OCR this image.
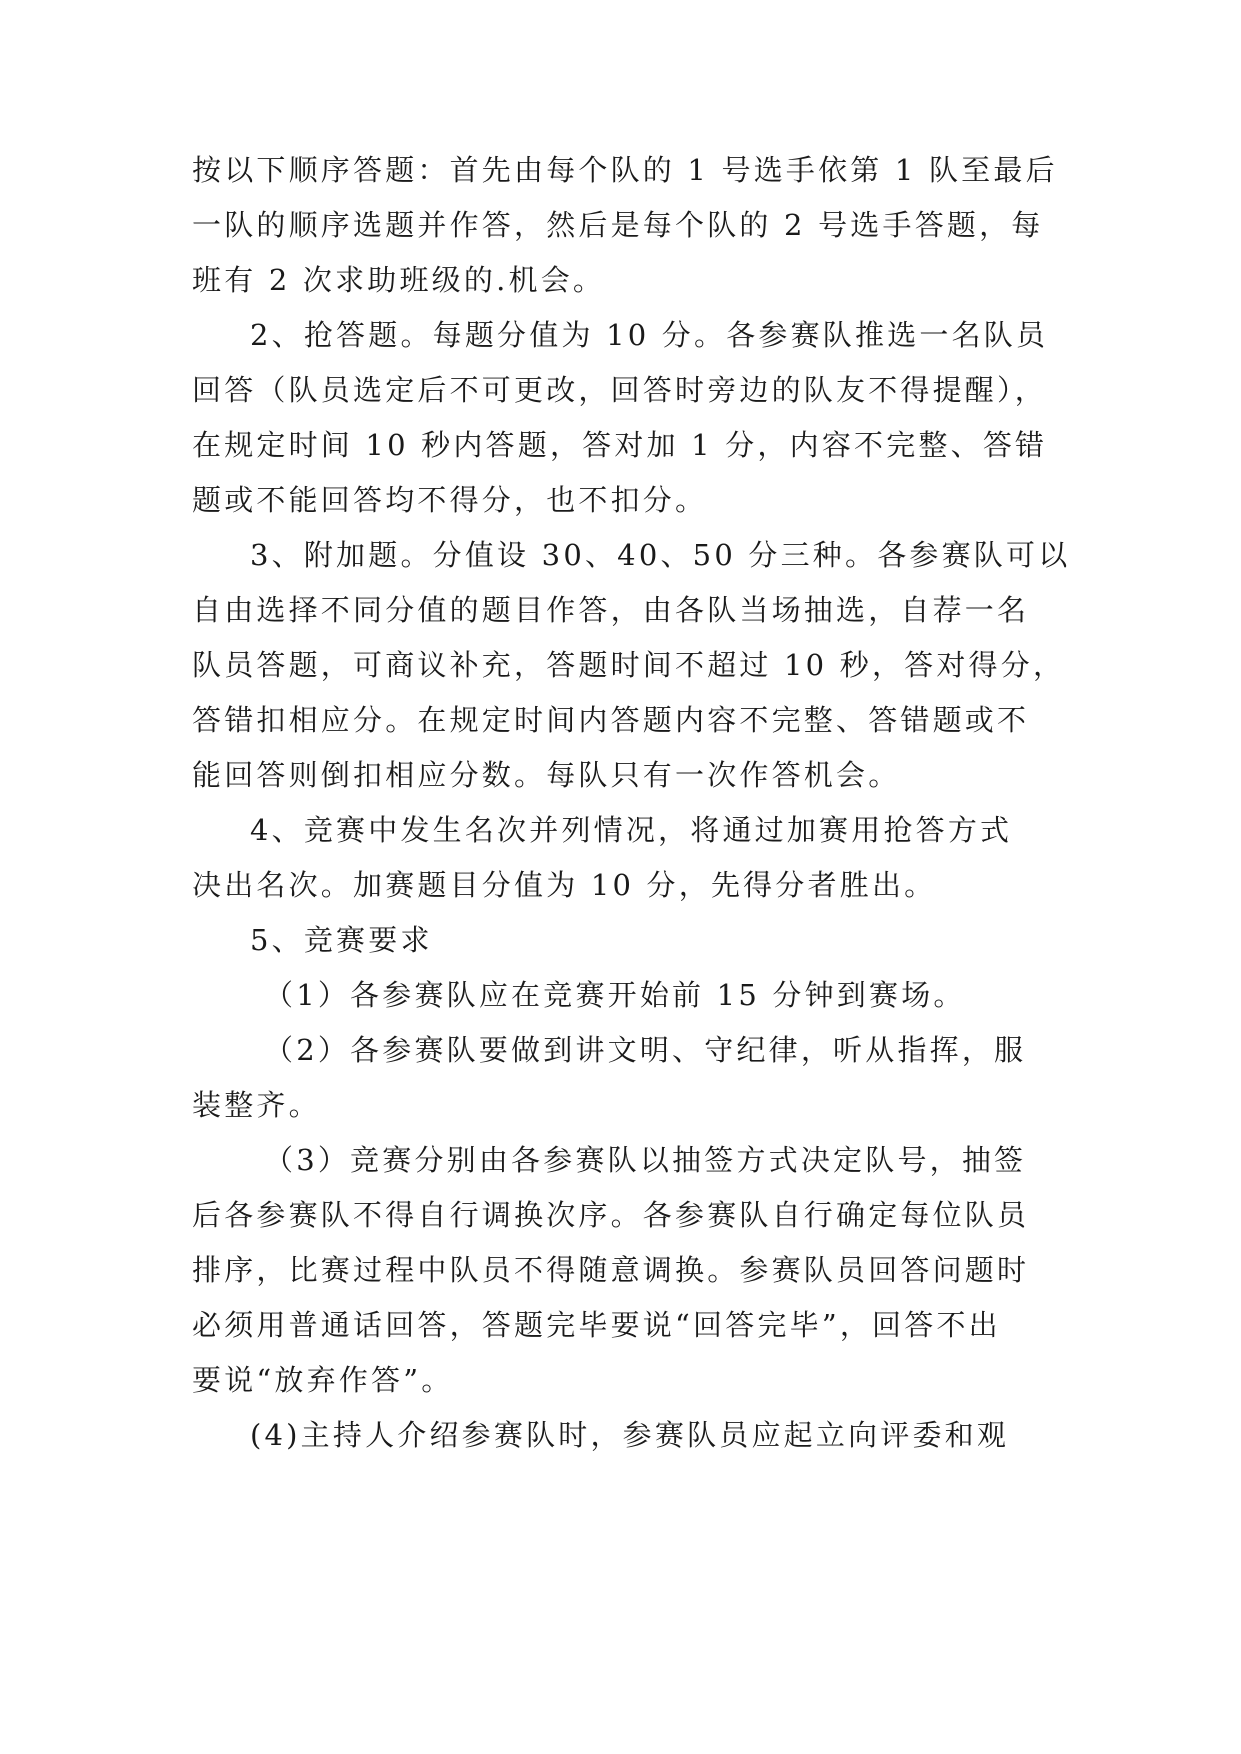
按以下顺序答题：首先由每个队的 1 号选手依第 1 队至最后
一队的顺序选题并作答，然后是每个队的 2 号选手答题，每
班有 2 次求助班级的.机会。
2、抢答题。每题分值为 10 分。各参赛队推选一名队员
回答（队员选定后不可更改，回答时旁边的队友不得提醒），
在规定时间 10 秒内答题，答对加 1 分，内容不完整、答错
题或不能回答均不得分，也不扣分。
3、附加题。分值设 30、40、50 分三种。各参赛队可以
自由选择不同分值的题目作答，由各队当场抽选，自荐一名
队员答题，可商议补充，答题时间不超过 10 秒，答对得分，
答错扣相应分。在规定时间内答题内容不完整、答错题或不
能回答则倒扣相应分数。每队只有一次作答机会。
4、竞赛中发生名次并列情况，将通过加赛用抢答方式
决出名次。加赛题目分值为 10 分，先得分者胜出。
5、竞赛要求
（1）各参赛队应在竞赛开始前 15 分钟到赛场。
（2）各参赛队要做到讲文明、守纪律，听从指挥，服
装整齐。
（3）竞赛分别由各参赛队以抽签方式决定队号，抽签
后各参赛队不得自行调换次序。各参赛队自行确定每位队员
排序，比赛过程中队员不得随意调换。参赛队员回答问题时
必须用普通话回答，答题完毕要说“回答完毕”，回答不出
要说“放弃作答”。
(4)主持人介绍参赛队时，参赛队员应起立向评委和观
